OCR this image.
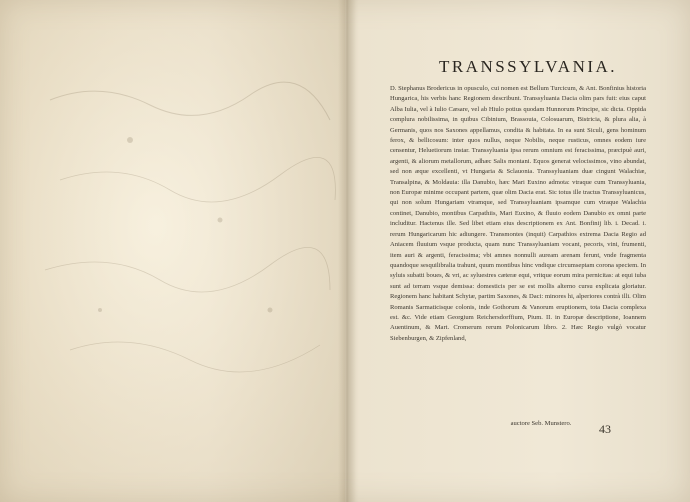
TRANSSYLVANIA.

D. Stephanus Brodericus in opusculo, cui nomen est Bellum Turcicum, & Ant. Bonfinius historia Hungarica, his verbis hanc Regionem describunt. Transsyluania Dacia olim pars fuit: eius caput Alba Iulia, vel à Iulio Cæsare, vel ab Hiulo potius quodam Hunnorum Principe, sic dicta. Oppida complura nobilissima, in quibus Cibinium, Brassouia, Colosuarum, Bistricia, & plura alia, à Germanis, quos nos Saxones appellamus, condita & habitata. In ea sunt Siculi, gens hominum ferox, & bellicosum: inter quos nullus, neque Nobilis, neque rusticus, omnes eodem iure censentur, Heluetiorum instar. Transsyluania ipsa rerum omnium est feracissima, præcipuè auri, argenti, & aliorum metallorum, adhæc Salis montani. Equos generat velocissimos, vino abundat, sed non æque excellenti, vt Hungaria & Sclauonia. Transsyluaniam duæ cingunt Walachiæ, Transalpina, & Moldauia: illa Danubio, hæc Mari Euxino admota: vtraque cum Transsyluania, non Europæ minime occupant partem, quæ olim Dacia erat. Sic totus ille tractus Transsyluanicus, qui non solum Hungariam vtramque, sed Transsyluaniam ipsamque cum vtraque Walachia continet, Danubio, montibus Carpathiis, Mari Euxino, & fluuio eodem Danubio ex omni parte includitur. Hactenus ille. Sed libet etiam eius descriptionem ex Ant. Bonfinij lib. i. Decad. i. rerum Hungaricarum hic adiungere. Transmontes (inquit) Carpathios extrema Dacia Regio ad Aniacem fluuium vsque producta, quam nunc Transsyluaniam vocant, pecoris, vini, frumenti, item auri & argenti, feracissima; vbi amnes nonnulli auream arenam ferunt, vnde fragmenta quandoque sesquilibralia trahunt, quum montibus hinc vndique circumseptam corona speciem. In syluis subatti boues, & vri, ac syluestres cæteræ equi, vritque eorum mira pernicitas: at equi iuba sunt ad terram vsque demissa: domesticis per se est mollis alterno cursu explicata gloriatur. Regionem hanc habitant Schytæ, partim Saxones, & Daci: minores hi, alperiores contrà illi. Olim Romanis Sarmaticisque colonis, inde Gothorum & Vanorum eruptionem, tota Dacia complexa est. &c. Vide etiam Georgium Reichersdorffium, Pium. II. in Europæ descriptione, Ioannem Auentinum, & Mart. Cromerum rerum Polonicarum libro. 2. Hæc Regio vulgò vocatur Siebenburgen, & Zipfenland,

auctore Seb. Munstero.	43
